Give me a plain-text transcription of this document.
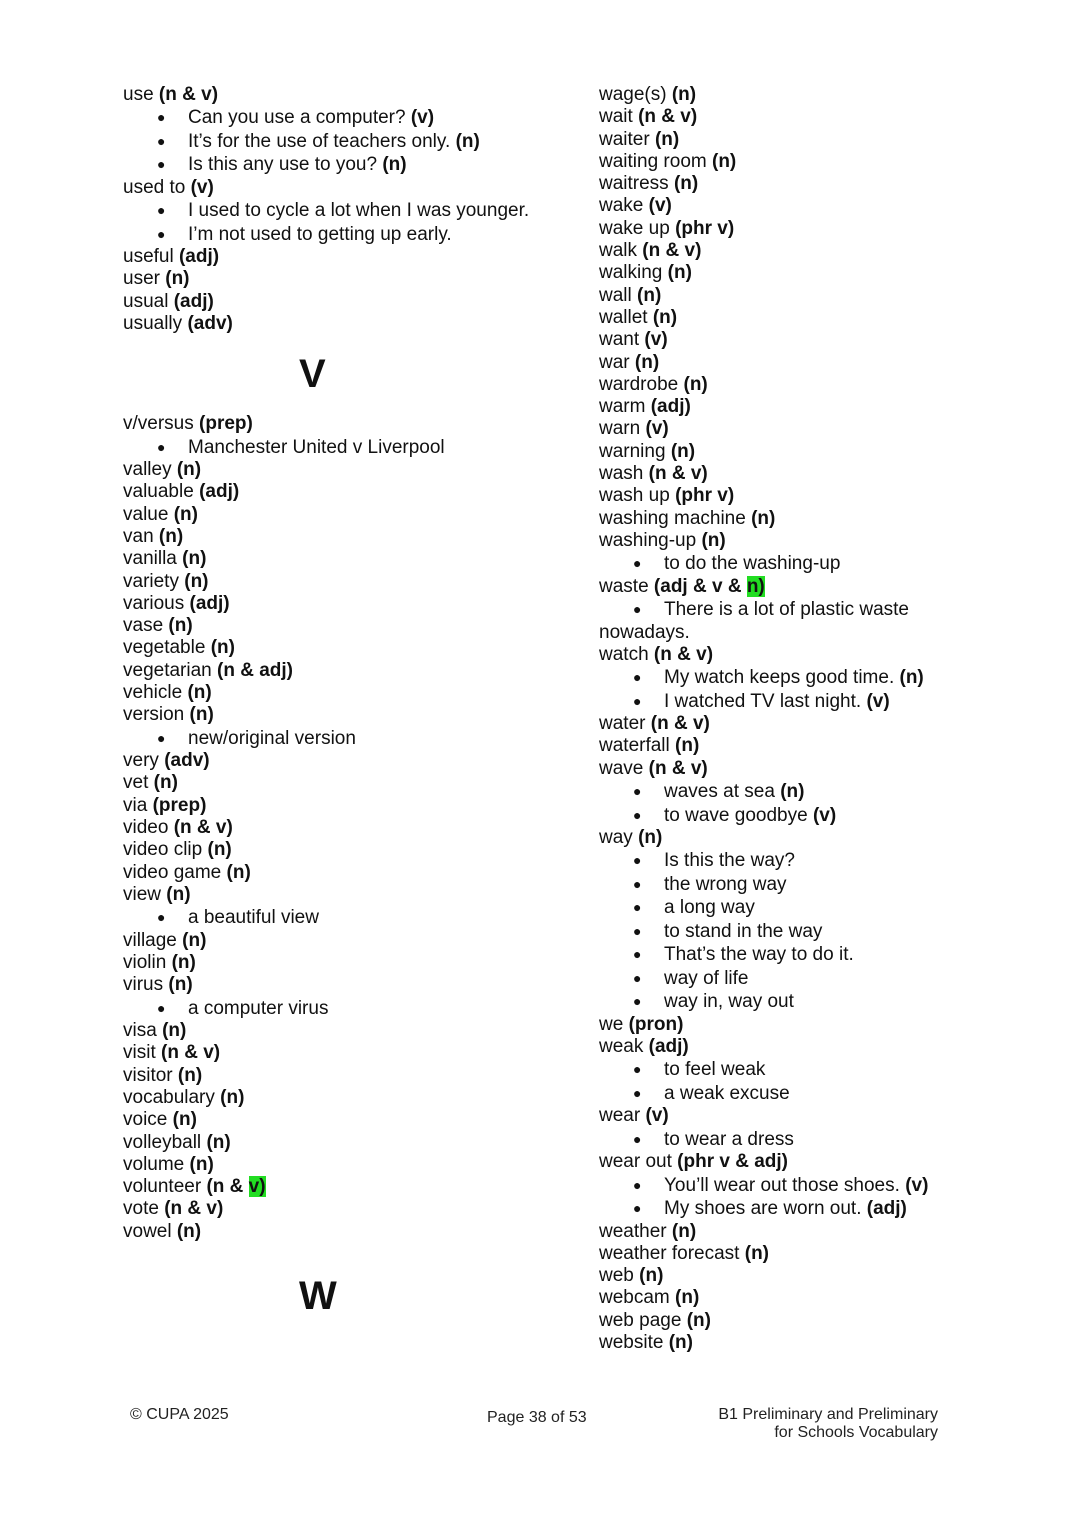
use (n & v)
● Can you use a computer? (v)
● It’s for the use of teachers only. (n)
● Is this any use to you? (n)
used to (v)
● I used to cycle a lot when I was younger.
● I’m not used to getting up early.
useful (adj)
user (n)
usual (adj)
usually (adv)
V
v/versus (prep)
● Manchester United v Liverpool
valley (n)
valuable (adj)
value (n)
van (n)
vanilla (n)
variety (n)
various (adj)
vase (n)
vegetable (n)
vegetarian (n & adj)
vehicle (n)
version (n)
● new/original version
very (adv)
vet (n)
via (prep)
video (n & v)
video clip (n)
video game (n)
view (n)
● a beautiful view
village (n)
violin (n)
virus (n)
● a computer virus
visa (n)
visit (n & v)
visitor (n)
vocabulary (n)
voice (n)
volleyball (n)
volume (n)
volunteer (n & v)
vote (n & v)
vowel (n)
W
wage(s) (n)
wait (n & v)
waiter (n)
waiting room (n)
waitress (n)
wake (v)
wake up (phr v)
walk (n & v)
walking (n)
wall (n)
wallet (n)
want (v)
war (n)
wardrobe (n)
warm (adj)
warn (v)
warning (n)
wash (n & v)
wash up (phr v)
washing machine (n)
washing-up (n)
● to do the washing-up
waste (adj & v & n)
● There is a lot of plastic waste
nowadays.
watch (n & v)
● My watch keeps good time. (n)
● I watched TV last night. (v)
water (n & v)
waterfall (n)
wave (n & v)
● waves at sea (n)
● to wave goodbye (v)
way (n)
● Is this the way?
● the wrong way
● a long way
● to stand in the way
● That’s the way to do it.
● way of life
● way in, way out
we (pron)
weak (adj)
● to feel weak
● a weak excuse
wear (v)
● to wear a dress
wear out (phr v & adj)
● You’ll wear out those shoes. (v)
● My shoes are worn out. (adj)
weather (n)
weather forecast (n)
web (n)
webcam (n)
web page (n)
website (n)
© CUPA 2025	Page 38 of 53	B1 Preliminary and Preliminary
for Schools Vocabulary
